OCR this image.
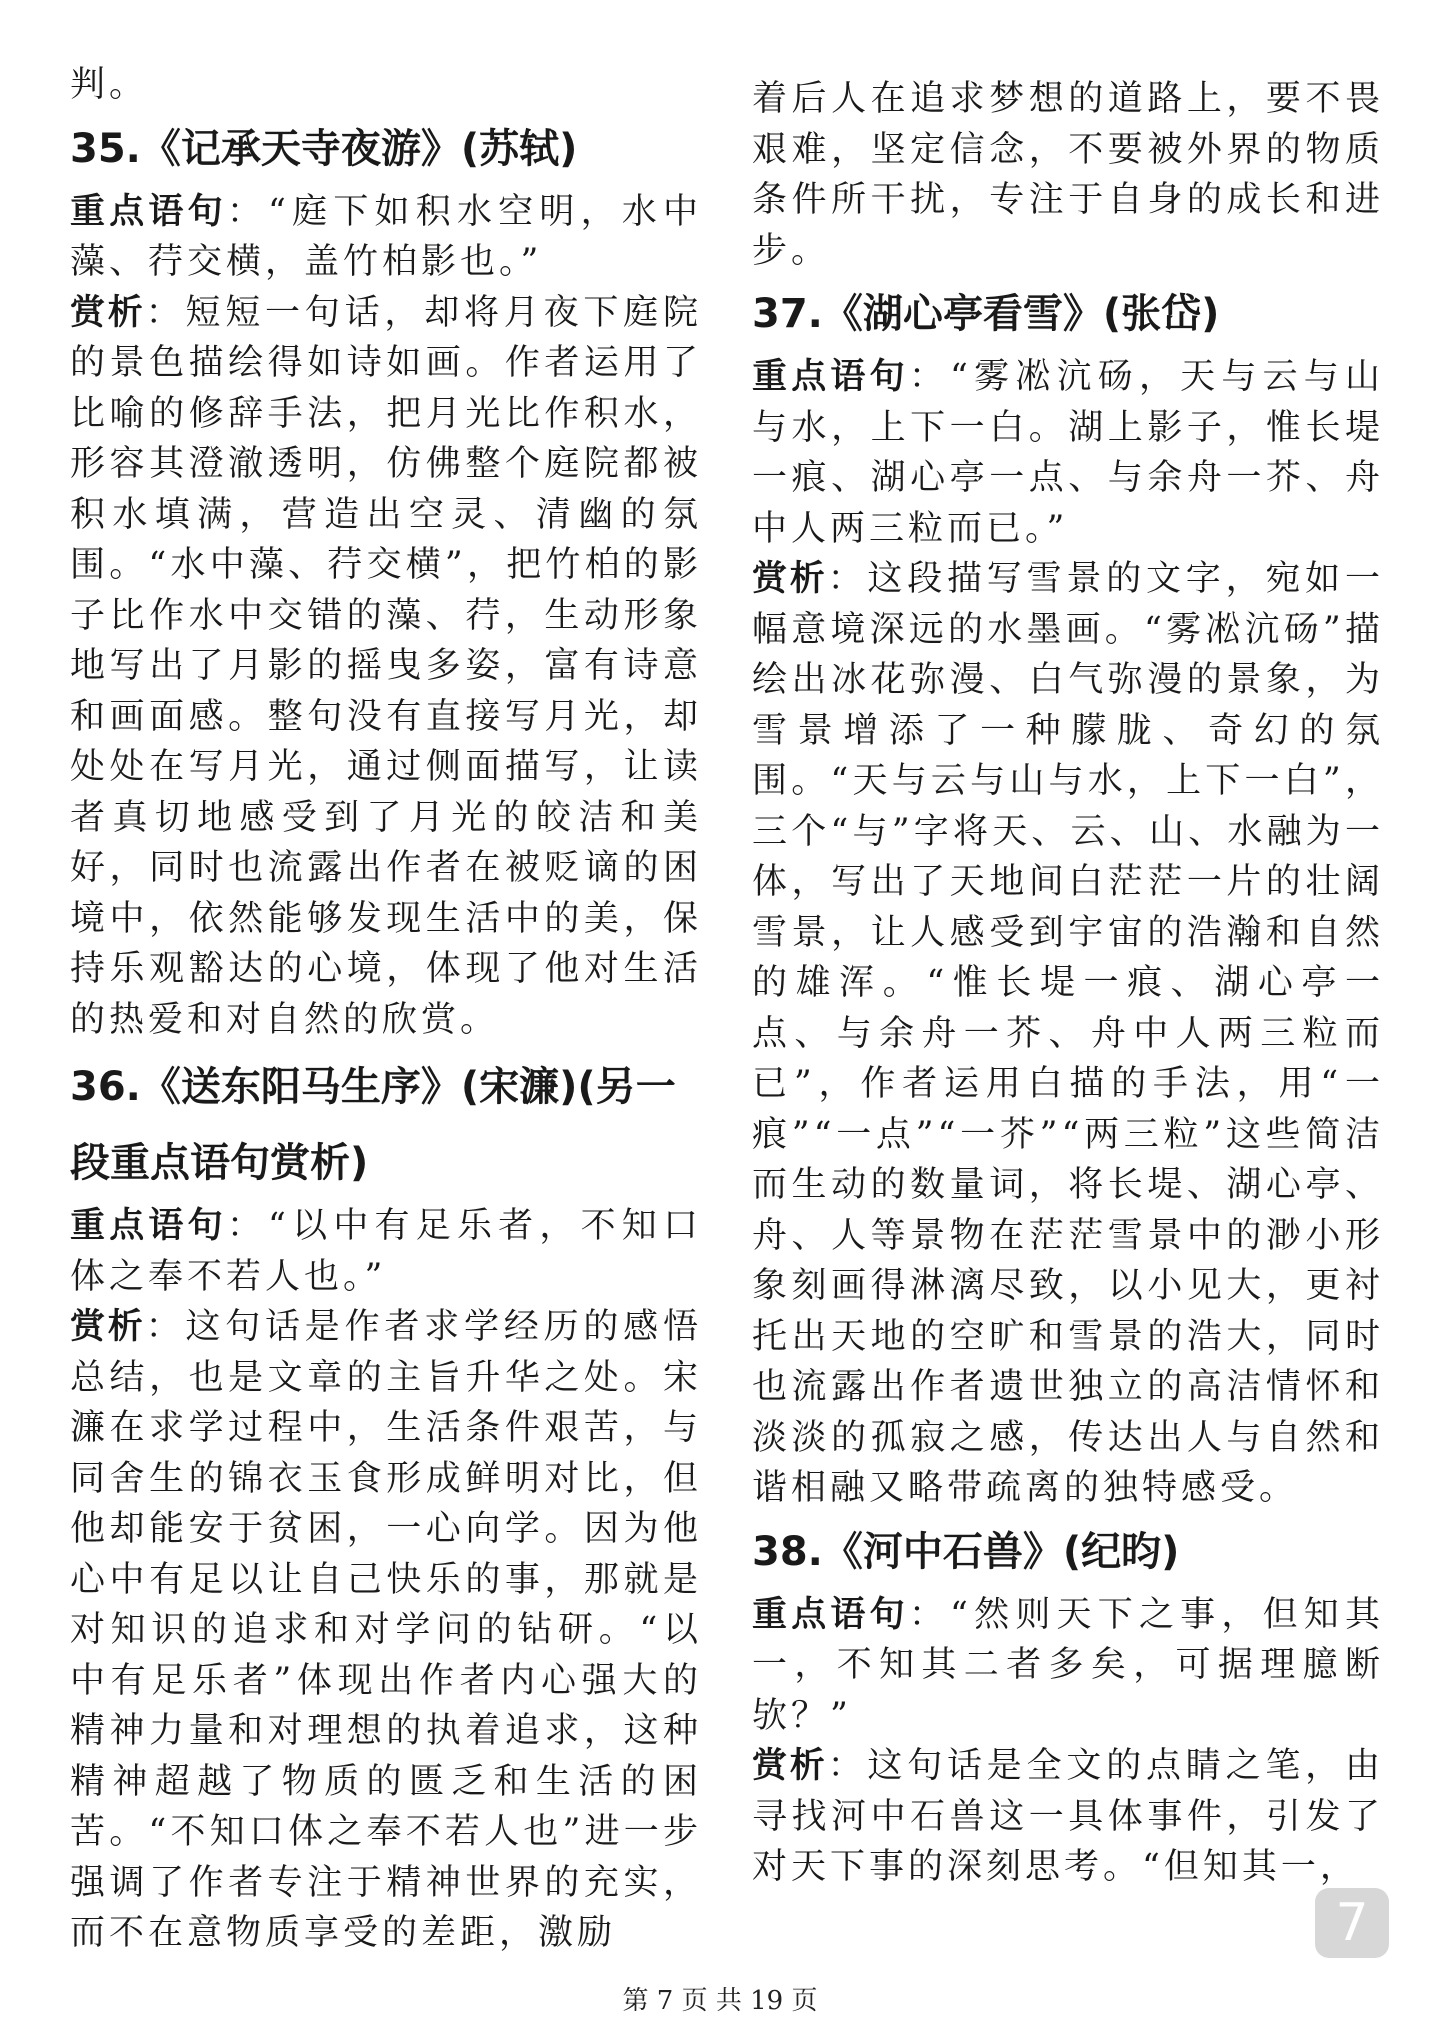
判。

35.《记承天寺夜游》(苏轼)

重点语句：“庭下如积水空明，水中藻、荇交横，盖竹柏影也。”

赏析：短短一句话，却将月夜下庭院的景色描绘得如诗如画。作者运用了比喻的修辞手法，把月光比作积水，形容其澄澈透明，仿佛整个庭院都被积水填满，营造出空灵、清幽的氛围。“水中藻、荇交横”，把竹柏的影子比作水中交错的藻、荇，生动形象地写出了月影的摇曳多姿，富有诗意和画面感。整句没有直接写月光，却处处在写月光，通过侧面描写，让读者真切地感受到了月光的皎洁和美好，同时也流露出作者在被贬谪的困境中，依然能够发现生活中的美，保持乐观豁达的心境，体现了他对生活的热爱和对自然的欣赏。

36.《送东阳马生序》(宋濂)(另一段重点语句赏析)

重点语句：“以中有足乐者，不知口体之奉不若人也。”

赏析：这句话是作者求学经历的感悟总结，也是文章的主旨升华之处。宋濂在求学过程中，生活条件艰苦，与同舍生的锦衣玉食形成鲜明对比，但他却能安于贫困，一心向学。因为他心中有足以让自己快乐的事，那就是对知识的追求和对学问的钻研。“以中有足乐者”体现出作者内心强大的精神力量和对理想的执着追求，这种精神超越了物质的匮乏和生活的困苦。“不知口体之奉不若人也”进一步强调了作者专注于精神世界的充实，而不在意物质享受的差距，激励

着后人在追求梦想的道路上，要不畏艰难，坚定信念，不要被外界的物质条件所干扰，专注于自身的成长和进步。

37.《湖心亭看雪》(张岱)

重点语句：“雾凇沆砀，天与云与山与水，上下一白。湖上影子，惟长堤一痕、湖心亭一点、与余舟一芥、舟中人两三粒而已。”

赏析：这段描写雪景的文字，宛如一幅意境深远的水墨画。“雾凇沆砀”描绘出冰花弥漫、白气弥漫的景象，为雪景增添了一种朦胧、奇幻的氛围。“天与云与山与水，上下一白”，三个“与”字将天、云、山、水融为一体，写出了天地间白茫茫一片的壮阔雪景，让人感受到宇宙的浩瀚和自然的雄浑。“惟长堤一痕、湖心亭一点、与余舟一芥、舟中人两三粒而已”，作者运用白描的手法，用“一痕”“一点”“一芥”“两三粒”这些简洁而生动的数量词，将长堤、湖心亭、舟、人等景物在茫茫雪景中的渺小形象刻画得淋漓尽致，以小见大，更衬托出天地的空旷和雪景的浩大，同时也流露出作者遗世独立的高洁情怀和淡淡的孤寂之感，传达出人与自然和谐相融又略带疏离的独特感受。

38.《河中石兽》(纪昀)

重点语句：“然则天下之事，但知其一，不知其二者多矣，可据理臆断欤？”

赏析：这句话是全文的点睛之笔，由寻找河中石兽这一具体事件，引发了对天下事的深刻思考。“但知其一，

7
第 7 页 共 19 页
